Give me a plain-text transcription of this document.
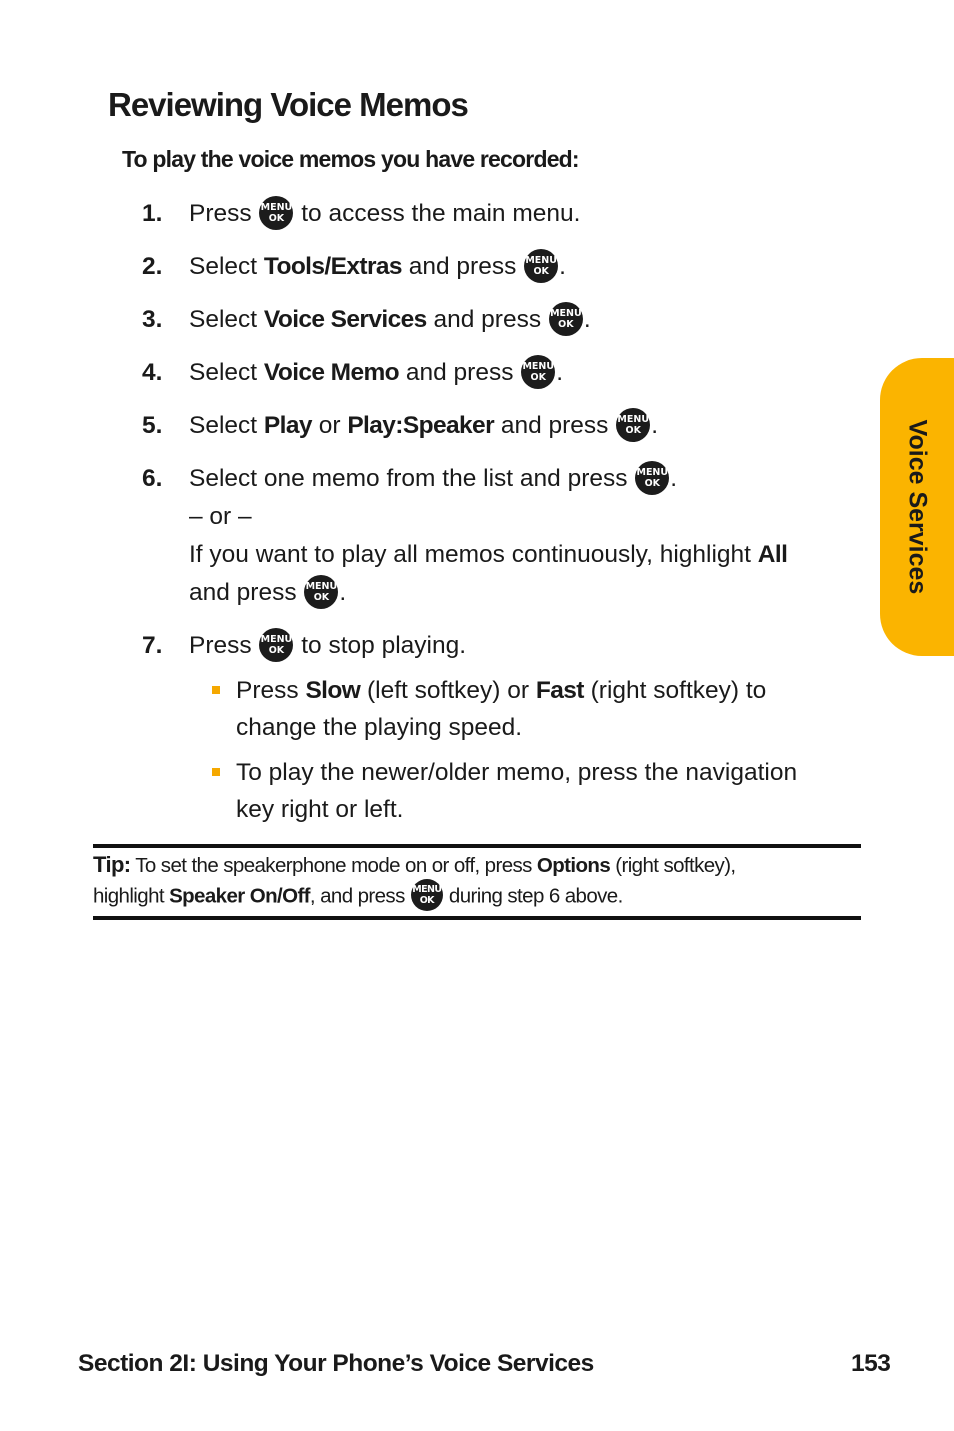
Reviewing Voice Memos

To play the voice memos you have recorded:

1. Press MENU
OK to access the main menu.
2. Select Tools/Extras and press MENU
OK .
3. Select Voice Services and press MENU
OK .
4. Select Voice Memo and press MENU
OK .
5. Select Play or Play:Speaker and press MENU
OK .
6. Select one memo from the list and press MENU
OK .
– or –
If you want to play all memos continuously, highlight All
and press MENU
OK .
7. Press MENU
OK to stop playing.
Press Slow (left softkey) or Fast (right softkey) to
change the playing speed.
To play the newer/older memo, press the navigation
key right or left.
Tip: To set the speakerphone mode on or off, press Options (right softkey),
highlight Speaker On/Off, and press MENU
OK during step 6 above.
Voice Services
Section 2I: Using Your Phone’s Voice Services	153
